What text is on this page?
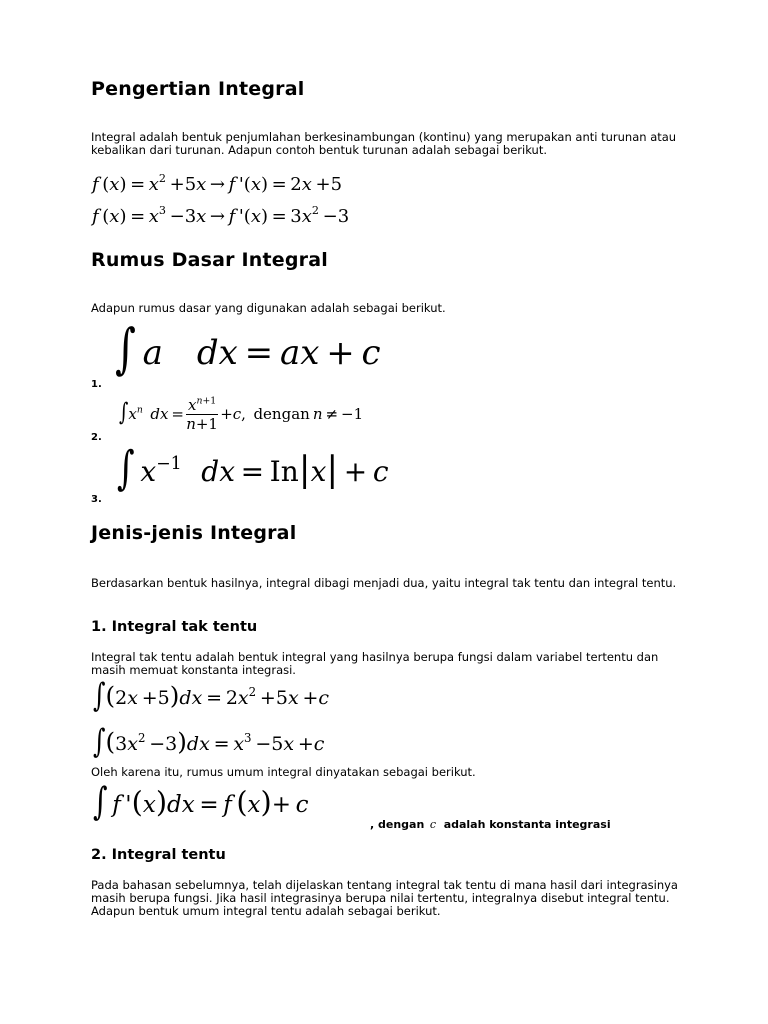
Pengertian Integral

Integral adalah bentuk penjumlahan berkesinambungan (kontinu) yang merupakan anti turunan atau kebalikan dari turunan. Adapun contoh bentuk turunan adalah sebagai berikut.

f $(x) = x^2 +5x \to f$ '(x) = 2x +5
f $(x) = x^3 -3x \to f$ '$(x) = 3x^2 -3$
Rumus Dasar Integral

Adapun rumus dasar yang digunakan adalah sebagai berikut.

1.
∫  a  dx = ax + c
2.
$\int x^n$  dx = $\frac{x^{n+1}}{n+1} +c$, dengan  n ≠ −1
3.
∫  $x^{-1}$   dx = In|x| + c
Jenis-jenis Integral

Berdasarkan bentuk hasilnya, integral dibagi menjadi dua, yaitu integral tak tentu dan integral tentu.

1. Integral tak tentu

Integral tak tentu adalah bentuk integral yang hasilnya berupa fungsi dalam variabel tertentu dan masih memuat konstanta integrasi.

$\int(2x +5)dx = 2x^2 +5x +c$
$\int(3x^2 -3)dx = x^3 -5x +c$

Oleh karena itu, rumus umum integral dinyatakan sebagai berikut.

∫  f '(x)dx = f  (x)+ c
, dengan  c   adalah konstanta integrasi
2. Integral tentu

Pada bahasan sebelumnya, telah dijelaskan tentang integral tak tentu di mana hasil dari integrasinya masih berupa fungsi. Jika hasil integrasinya berupa nilai tertentu, integralnya disebut integral tentu. Adapun bentuk umum integral tentu adalah sebagai berikut.
